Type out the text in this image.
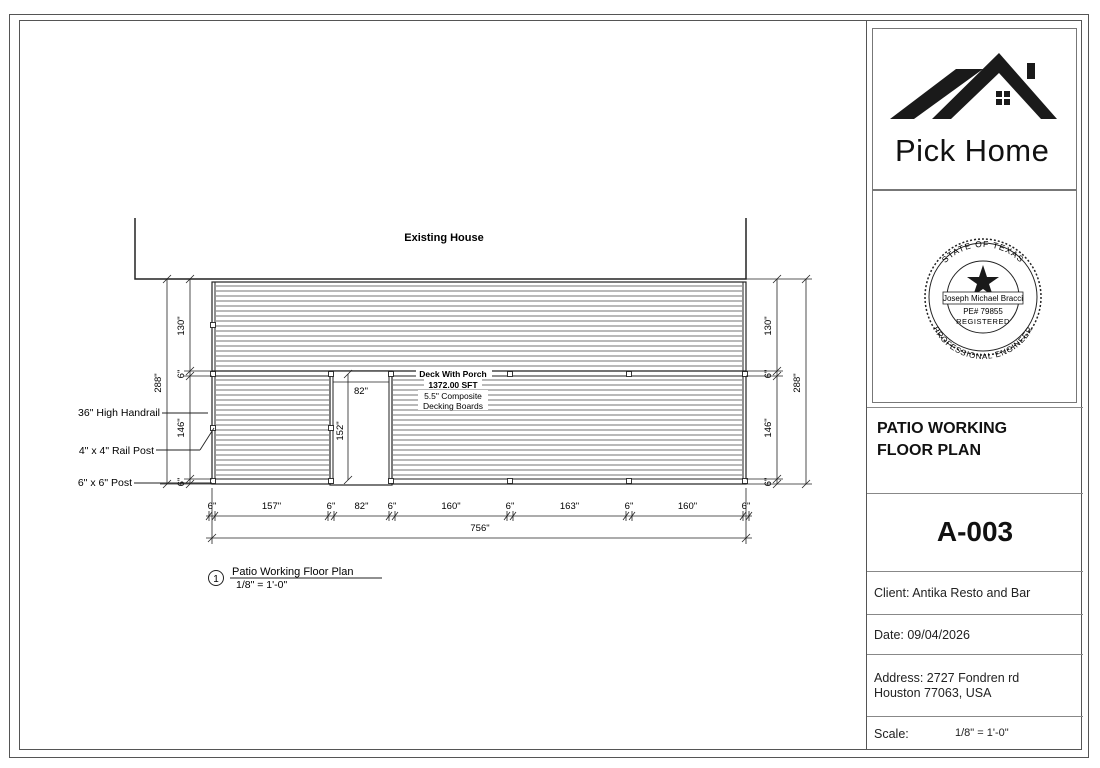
Existing House
Deck With Porch
1372.00 SFT
5.5" Composite
Decking Boards
152"
82"
288"
130"
6"
146"
6"
130"
6"
146"
6"
288"
6"	157"	6" 82" 6"	160"	6"	163"	6"	160"	6"
756"
36" High Handrail
4" x 4" Rail Post
6" x 6" Post
1
Patio Working Floor Plan
1/8" = 1'-0"
Pick Home
STATE OF TEXAS
PROFESSIONAL ENGINEER
Joseph Michael Bracci
PE# 79855
REGISTERED
PATIO WORKING
FLOOR PLAN
A-003
Client: Antika Resto and Bar
Date: 09/04/2026
Address: 2727 Fondren rd
Houston 77063, USA
Scale:	1/8" = 1'-0"
